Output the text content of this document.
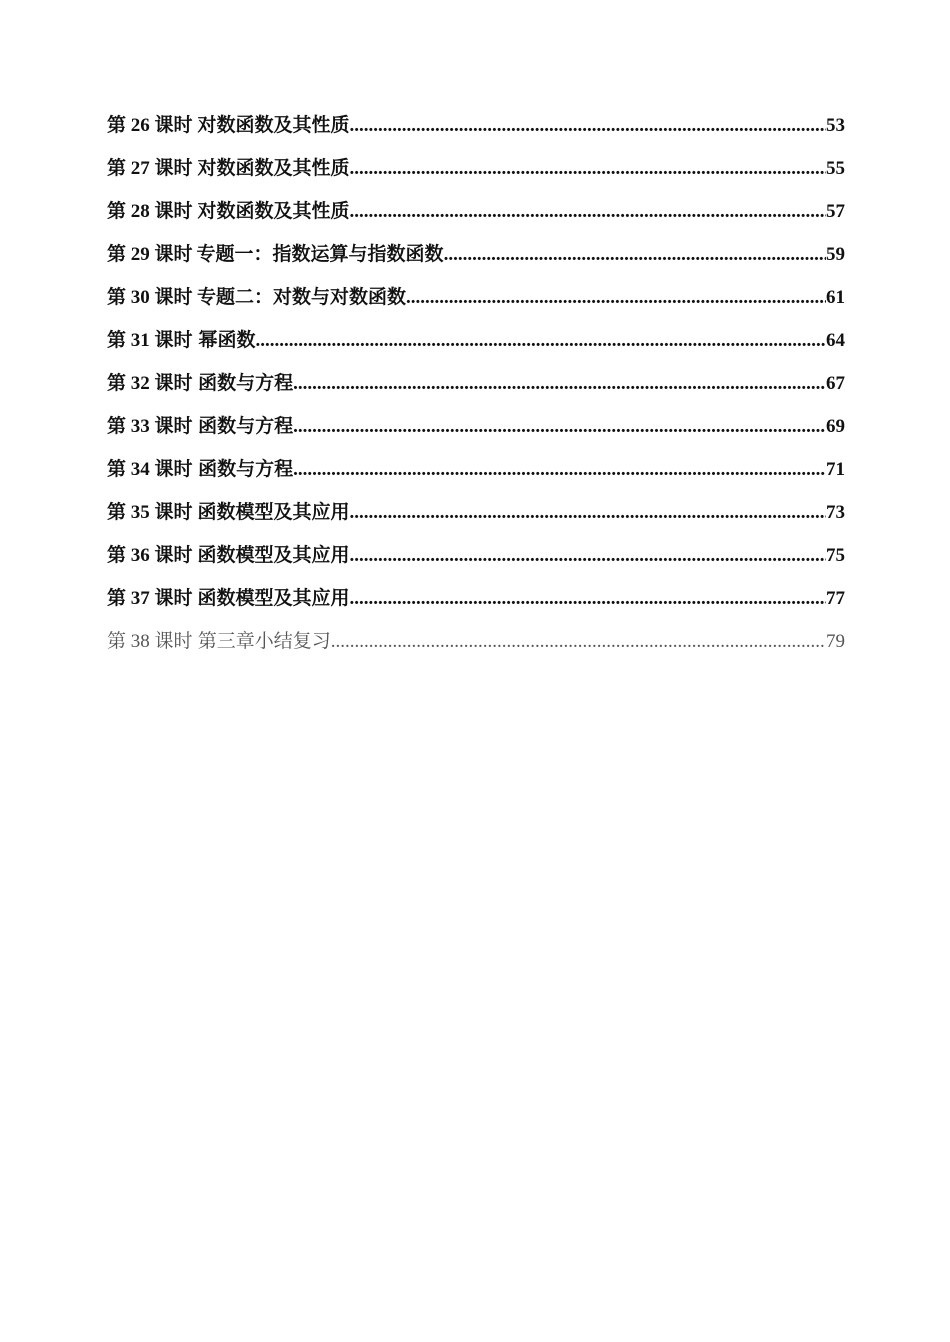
第 26 课时 对数函数及其性质 .....	53
第 27 课时 对数函数及其性质 .....	55
第 28 课时 对数函数及其性质 .....	57
第 29 课时 专题一：指数运算与指数函数 .....	59
第 30 课时 专题二：对数与对数函数 .....	61
第 31 课时 幂函数 .....	64
第 32 课时 函数与方程 .....	67
第 33 课时 函数与方程 .....	69
第 34 课时 函数与方程 .....	71
第 35 课时 函数模型及其应用 .....	73
第 36 课时 函数模型及其应用 .....	75
第 37 课时 函数模型及其应用 .....	77
第 38 课时 第三章小结复习 .....	79
